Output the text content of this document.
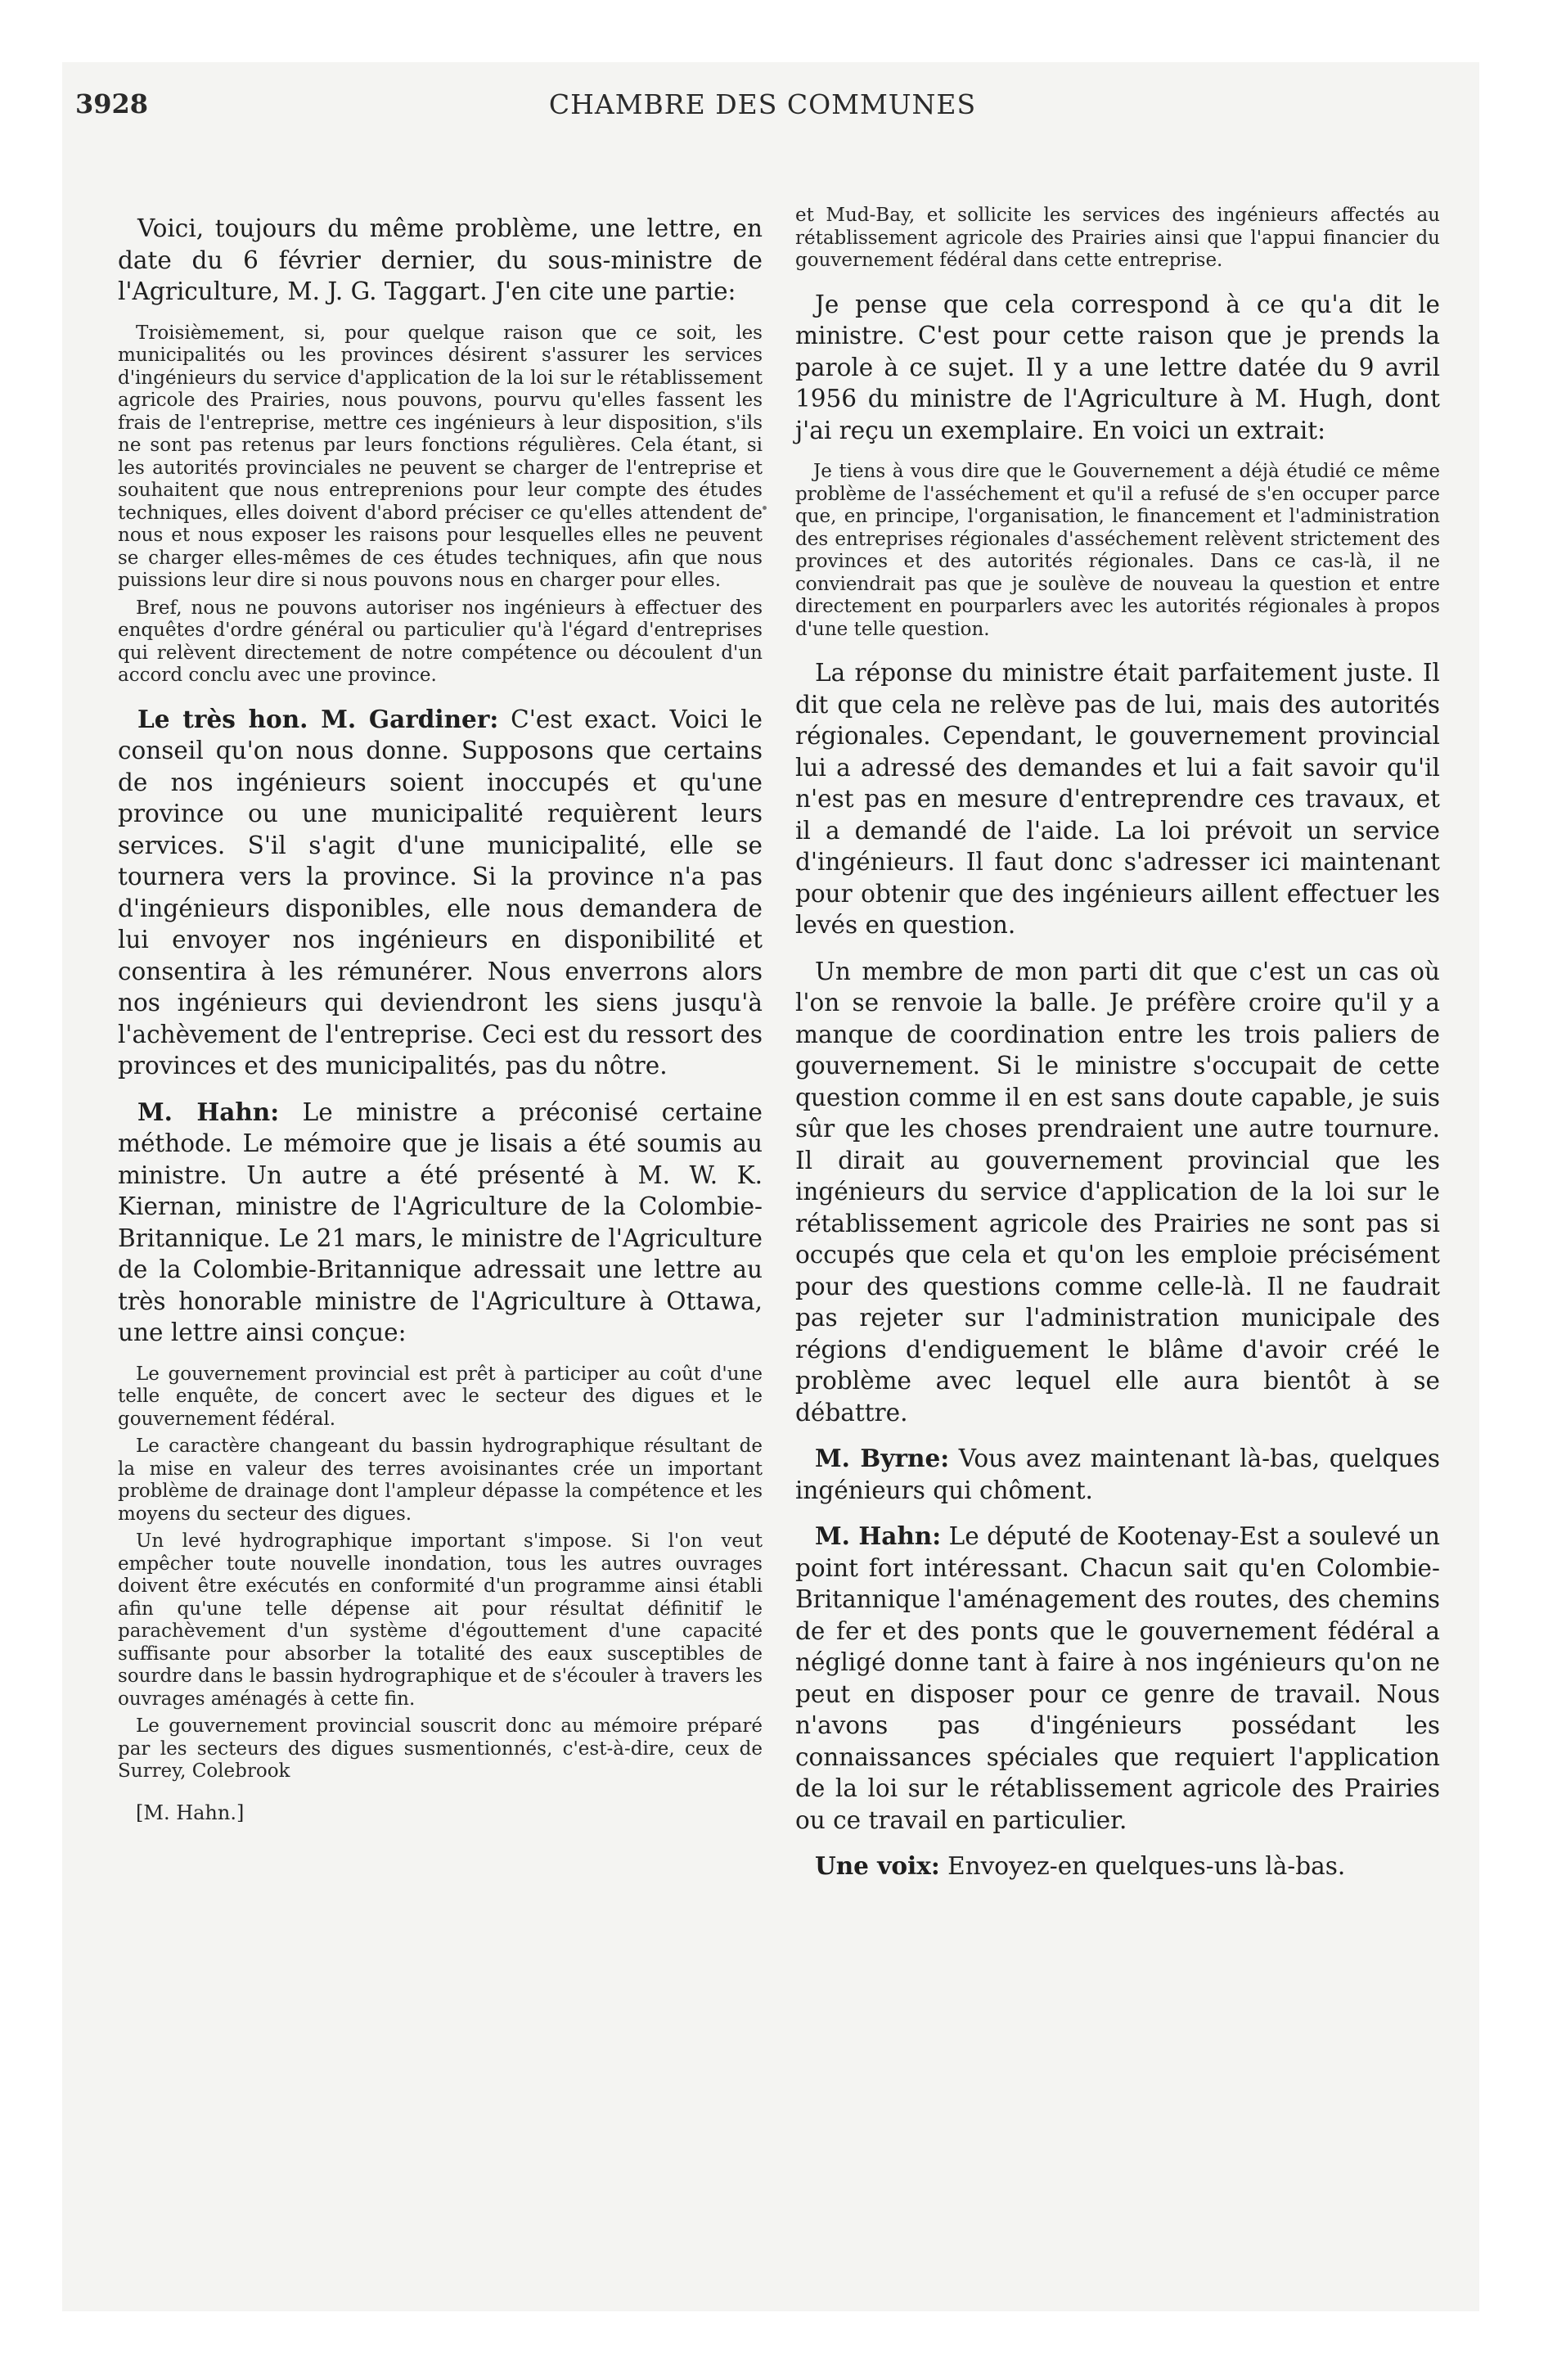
3928	CHAMBRE DES COMMUNES

Voici, toujours du même problème, une lettre, en date du 6 février dernier, du sous-ministre de l'Agriculture, M. J. G. Taggart. J'en cite une partie:

Troisièmement, si, pour quelque raison que ce soit, les municipalités ou les provinces désirent s'assurer les services d'ingénieurs du service d'application de la loi sur le rétablissement agricole des Prairies, nous pouvons, pourvu qu'elles fassent les frais de l'entreprise, mettre ces ingénieurs à leur disposition, s'ils ne sont pas retenus par leurs fonctions régulières. Cela étant, si les autorités provinciales ne peuvent se charger de l'entreprise et souhaitent que nous entreprenions pour leur compte des études techniques, elles doivent d'abord préciser ce qu'elles attendent de nous et nous exposer les raisons pour lesquelles elles ne peuvent se charger elles-mêmes de ces études techniques, afin que nous puissions leur dire si nous pouvons nous en charger pour elles.

Bref, nous ne pouvons autoriser nos ingénieurs à effectuer des enquêtes d'ordre général ou particulier qu'à l'égard d'entreprises qui relèvent directement de notre compétence ou découlent d'un accord conclu avec une province.

Le très hon. M. Gardiner: C'est exact. Voici le conseil qu'on nous donne. Supposons que certains de nos ingénieurs soient inoccupés et qu'une province ou une municipalité requièrent leurs services. S'il s'agit d'une municipalité, elle se tournera vers la province. Si la province n'a pas d'ingénieurs disponibles, elle nous demandera de lui envoyer nos ingénieurs en disponibilité et consentira à les rémunérer. Nous enverrons alors nos ingénieurs qui deviendront les siens jusqu'à l'achèvement de l'entreprise. Ceci est du ressort des provinces et des municipalités, pas du nôtre.

M. Hahn: Le ministre a préconisé certaine méthode. Le mémoire que je lisais a été soumis au ministre. Un autre a été présenté à M. W. K. Kiernan, ministre de l'Agriculture de la Colombie-Britannique. Le 21 mars, le ministre de l'Agriculture de la Colombie-Britannique adressait une lettre au très honorable ministre de l'Agriculture à Ottawa, une lettre ainsi conçue:

Le gouvernement provincial est prêt à participer au coût d'une telle enquête, de concert avec le secteur des digues et le gouvernement fédéral.

Le caractère changeant du bassin hydrographique résultant de la mise en valeur des terres avoisinantes crée un important problème de drainage dont l'ampleur dépasse la compétence et les moyens du secteur des digues.

Un levé hydrographique important s'impose. Si l'on veut empêcher toute nouvelle inondation, tous les autres ouvrages doivent être exécutés en conformité d'un programme ainsi établi afin qu'une telle dépense ait pour résultat définitif le parachèvement d'un système d'égouttement d'une capacité suffisante pour absorber la totalité des eaux susceptibles de sourdre dans le bassin hydrographique et de s'écouler à travers les ouvrages aménagés à cette fin.

Le gouvernement provincial souscrit donc au mémoire préparé par les secteurs des digues susmentionnés, c'est-à-dire, ceux de Surrey, Colebrook

[M. Hahn.]

et Mud-Bay, et sollicite les services des ingénieurs affectés au rétablissement agricole des Prairies ainsi que l'appui financier du gouvernement fédéral dans cette entreprise.

Je pense que cela correspond à ce qu'a dit le ministre. C'est pour cette raison que je prends la parole à ce sujet. Il y a une lettre datée du 9 avril 1956 du ministre de l'Agriculture à M. Hugh, dont j'ai reçu un exemplaire. En voici un extrait:

Je tiens à vous dire que le Gouvernement a déjà étudié ce même problème de l'asséchement et qu'il a refusé de s'en occuper parce que, en principe, l'organisation, le financement et l'administration des entreprises régionales d'asséchement relèvent strictement des provinces et des autorités régionales. Dans ce cas-là, il ne conviendrait pas que je soulève de nouveau la question et entre directement en pourparlers avec les autorités régionales à propos d'une telle question.

La réponse du ministre était parfaitement juste. Il dit que cela ne relève pas de lui, mais des autorités régionales. Cependant, le gouvernement provincial lui a adressé des demandes et lui a fait savoir qu'il n'est pas en mesure d'entreprendre ces travaux, et il a demandé de l'aide. La loi prévoit un service d'ingénieurs. Il faut donc s'adresser ici maintenant pour obtenir que des ingénieurs aillent effectuer les levés en question.

Un membre de mon parti dit que c'est un cas où l'on se renvoie la balle. Je préfère croire qu'il y a manque de coordination entre les trois paliers de gouvernement. Si le ministre s'occupait de cette question comme il en est sans doute capable, je suis sûr que les choses prendraient une autre tournure. Il dirait au gouvernement provincial que les ingénieurs du service d'application de la loi sur le rétablissement agricole des Prairies ne sont pas si occupés que cela et qu'on les emploie précisément pour des questions comme celle-là. Il ne faudrait pas rejeter sur l'administration municipale des régions d'endiguement le blâme d'avoir créé le problème avec lequel elle aura bientôt à se débattre.

M. Byrne: Vous avez maintenant là-bas, quelques ingénieurs qui chôment.

M. Hahn: Le député de Kootenay-Est a soulevé un point fort intéressant. Chacun sait qu'en Colombie-Britannique l'aménagement des routes, des chemins de fer et des ponts que le gouvernement fédéral a négligé donne tant à faire à nos ingénieurs qu'on ne peut en disposer pour ce genre de travail. Nous n'avons pas d'ingénieurs possédant les connaissances spéciales que requiert l'application de la loi sur le rétablissement agricole des Prairies ou ce travail en particulier.

Une voix: Envoyez-en quelques-uns là-bas.
